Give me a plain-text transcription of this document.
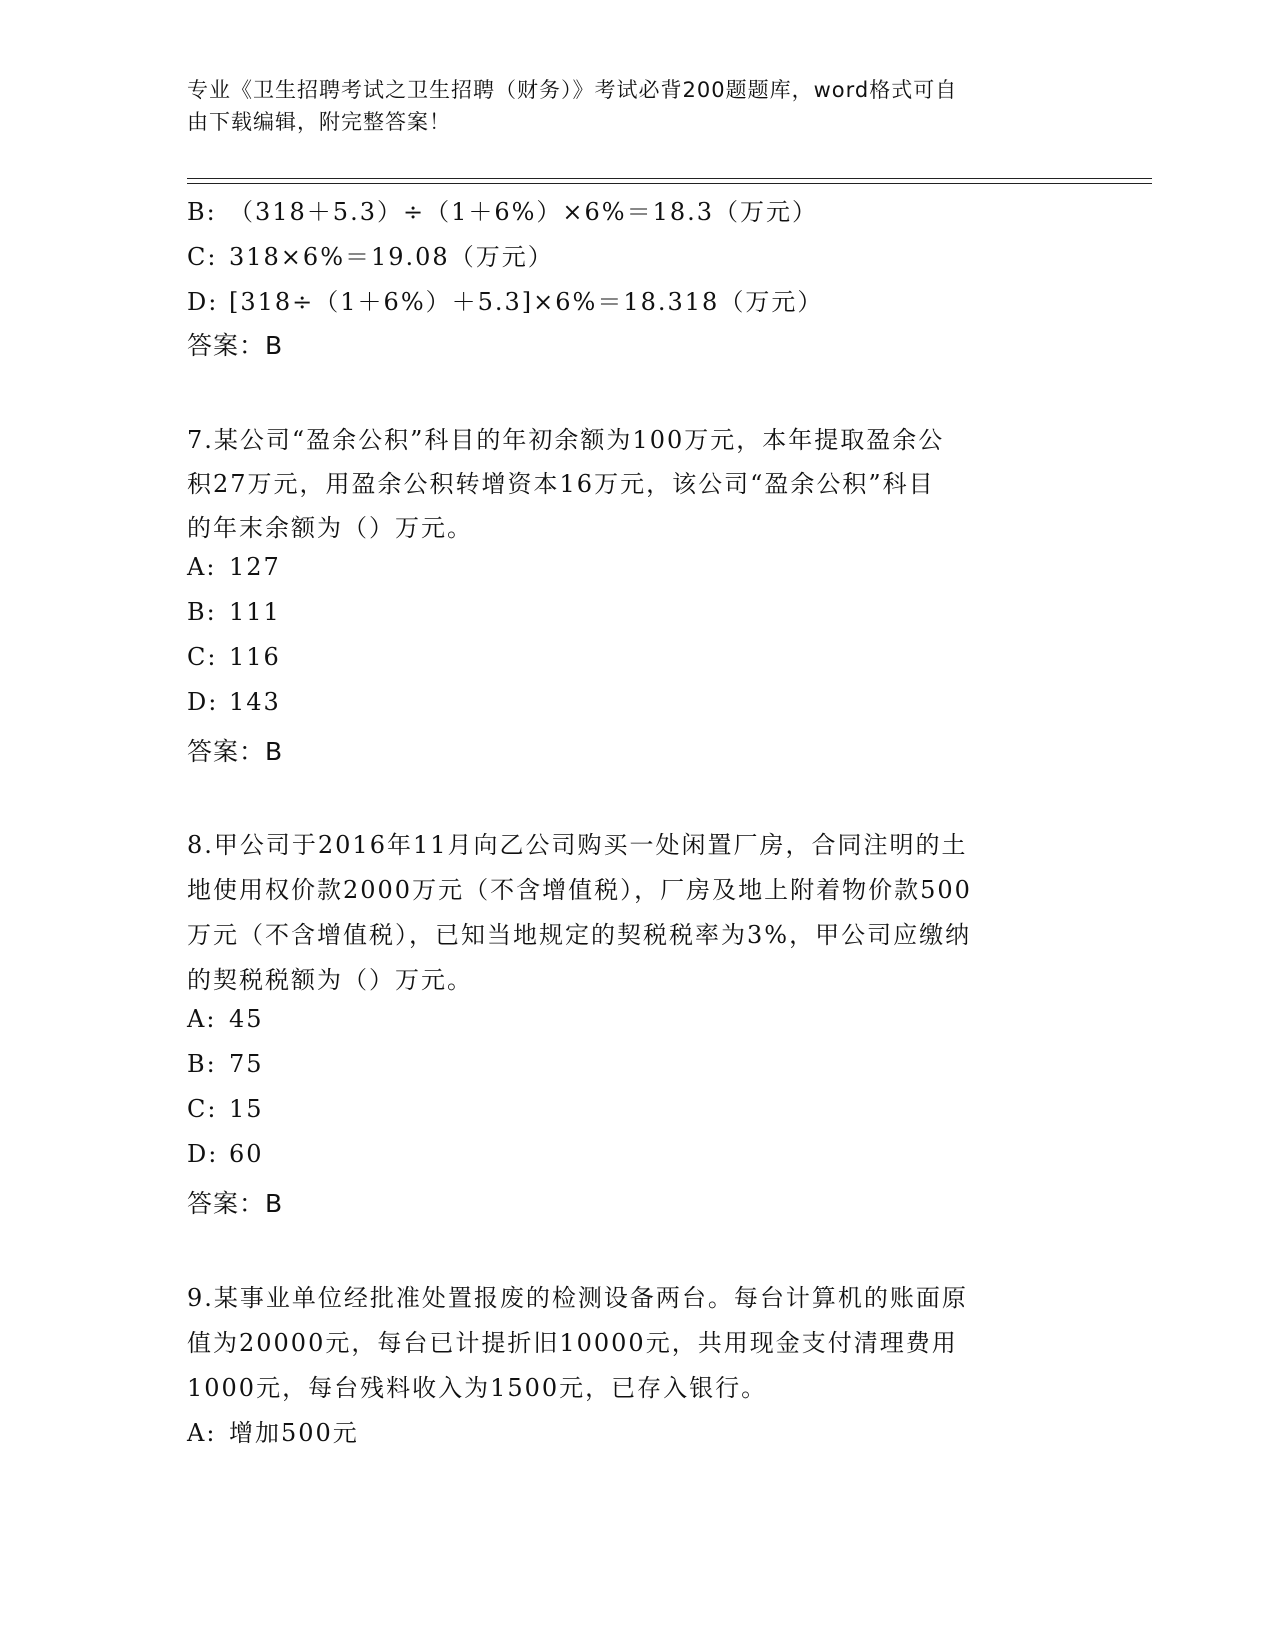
专业《卫生招聘考试之卫生招聘（财务）》考试必背200题题库，word格式可自
由下载编辑，附完整答案！
B: （318＋5.3）÷（1＋6%）×6%＝18.3（万元）
C: 318×6%＝19.08（万元）
D: [318÷（1＋6%）＋5.3]×6%＝18.318（万元）
答案：B
7.某公司“盈余公积”科目的年初余额为100万元，本年提取盈余公
积27万元，用盈余公积转增资本16万元，该公司“盈余公积”科目
的年末余额为（）万元。
A: 127
B: 111
C: 116
D: 143
答案：B
8.甲公司于2016年11月向乙公司购买一处闲置厂房，合同注明的土
地使用权价款2000万元（不含增值税），厂房及地上附着物价款500
万元（不含增值税），已知当地规定的契税税率为3%，甲公司应缴纳
的契税税额为（）万元。
A: 45
B: 75
C: 15
D: 60
答案：B
9.某事业单位经批准处置报废的检测设备两台。每台计算机的账面原
值为20000元，每台已计提折旧10000元，共用现金支付清理费用
1000元，每台残料收入为1500元，已存入银行。
A: 增加500元
